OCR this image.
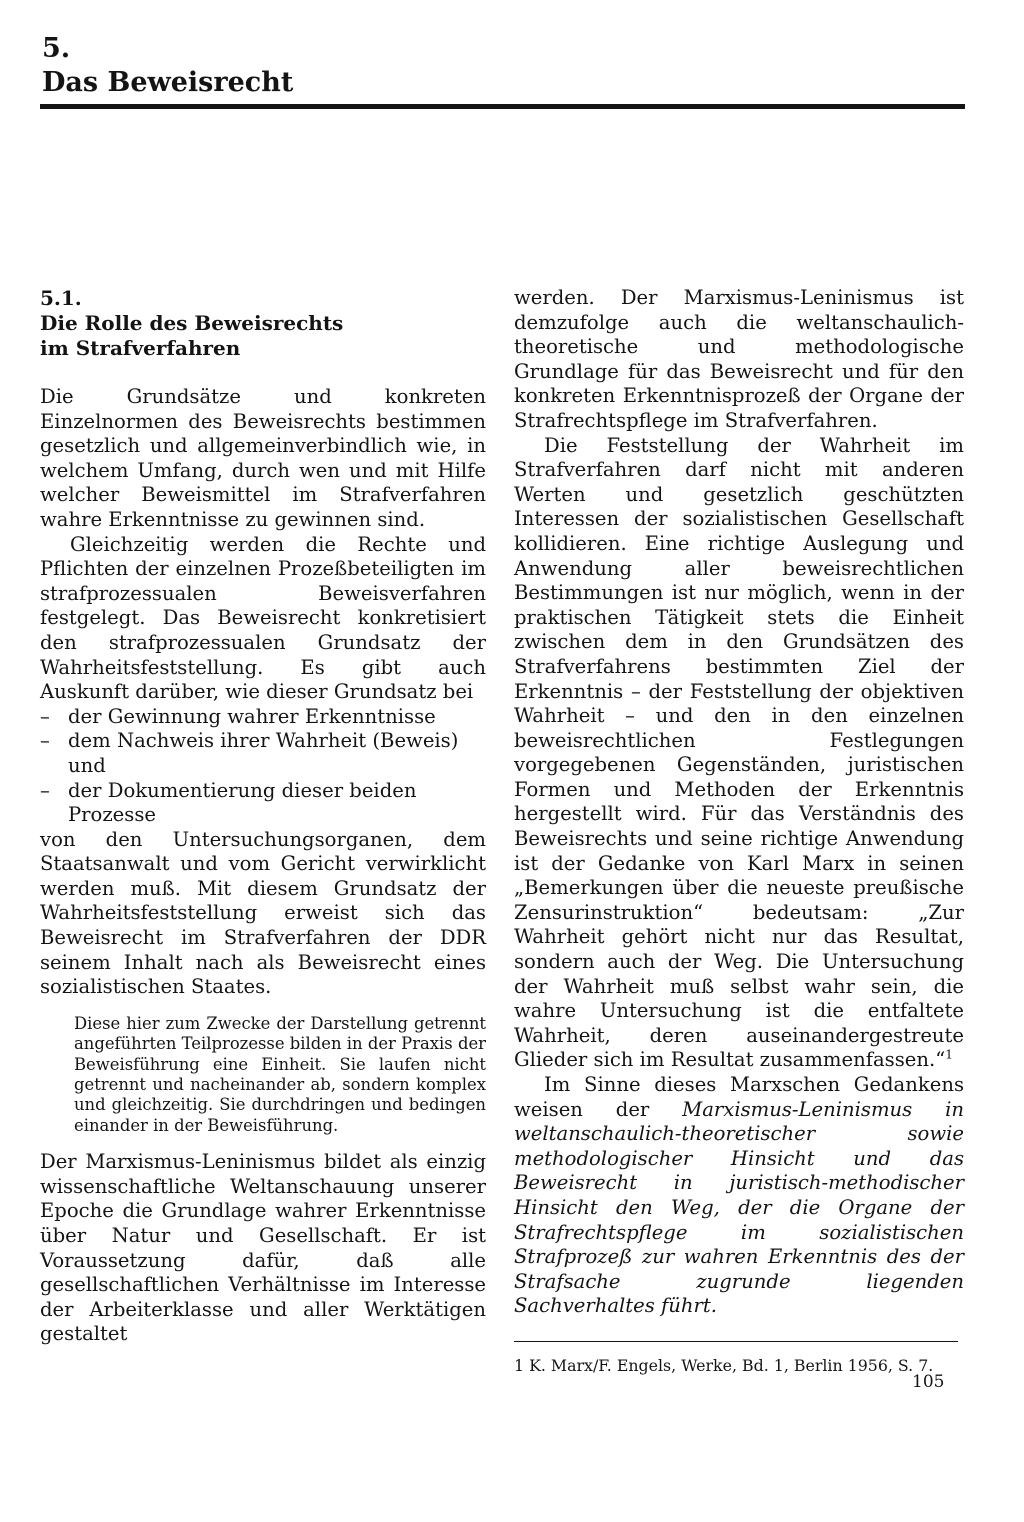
5.
Das Beweisrecht
5.1.
Die Rolle des Beweisrechts
im Strafverfahren

Die Grundsätze und konkreten Einzelnormen des Beweisrechts bestimmen gesetzlich und allgemeinverbindlich wie, in welchem Umfang, durch wen und mit Hilfe welcher Beweismittel im Strafverfahren wahre Erkenntnisse zu gewinnen sind.

Gleichzeitig werden die Rechte und Pflichten der einzelnen Prozeßbeteiligten im strafprozessualen Beweisverfahren festgelegt. Das Beweisrecht konkretisiert den strafprozessualen Grundsatz der Wahrheitsfeststellung. Es gibt auch Auskunft darüber, wie dieser Grundsatz bei

– der Gewinnung wahrer Erkenntnisse
– dem Nachweis ihrer Wahrheit (Beweis) und
– der Dokumentierung dieser beiden Prozesse

von den Untersuchungsorganen, dem Staatsanwalt und vom Gericht verwirklicht werden muß. Mit diesem Grundsatz der Wahrheitsfeststellung erweist sich das Beweisrecht im Strafverfahren der DDR seinem Inhalt nach als Beweisrecht eines sozialistischen Staates.

Diese hier zum Zwecke der Darstellung getrennt angeführten Teilprozesse bilden in der Praxis der Beweisführung eine Einheit. Sie laufen nicht getrennt und nacheinander ab, sondern komplex und gleichzeitig. Sie durchdringen und bedingen einander in der Beweisführung.

Der Marxismus-Leninismus bildet als einzig wissenschaftliche Weltanschauung unserer Epoche die Grundlage wahrer Erkenntnisse über Natur und Gesellschaft. Er ist Voraussetzung dafür, daß alle gesellschaftlichen Verhältnisse im Interesse der Arbeiterklasse und aller Werktätigen gestaltet

werden. Der Marxismus-Leninismus ist demzufolge auch die weltanschaulich-theoretische und methodologische Grundlage für das Beweisrecht und für den konkreten Erkenntnisprozeß der Organe der Strafrechtspflege im Strafverfahren.

Die Feststellung der Wahrheit im Strafverfahren darf nicht mit anderen Werten und gesetzlich geschützten Interessen der sozialistischen Gesellschaft kollidieren. Eine richtige Auslegung und Anwendung aller beweisrechtlichen Bestimmungen ist nur möglich, wenn in der praktischen Tätigkeit stets die Einheit zwischen dem in den Grundsätzen des Strafverfahrens bestimmten Ziel der Erkenntnis – der Feststellung der objektiven Wahrheit – und den in den einzelnen beweisrechtlichen Festlegungen vorgegebenen Gegenständen, juristischen Formen und Methoden der Erkenntnis hergestellt wird. Für das Verständnis des Beweisrechts und seine richtige Anwendung ist der Gedanke von Karl Marx in seinen „Bemerkungen über die neueste preußische Zensurinstruktion“ bedeutsam: „Zur Wahrheit gehört nicht nur das Resultat, sondern auch der Weg. Die Untersuchung der Wahrheit muß selbst wahr sein, die wahre Untersuchung ist die entfaltete Wahrheit, deren auseinandergestreute Glieder sich im Resultat zusammenfassen.“$^1$

Im Sinne dieses Marxschen Gedankens weisen der Marxismus-Leninismus in weltanschaulich-theoretischer sowie methodologischer Hinsicht und das Beweisrecht in juristisch-methodischer Hinsicht den Weg, der die Organe der Strafrechtspflege im sozialistischen Strafprozeß zur wahren Erkenntnis des der Strafsache zugrunde liegenden Sachverhaltes führt.

1 K. Marx/F. Engels, Werke, Bd. 1, Berlin 1956, S. 7.
105
